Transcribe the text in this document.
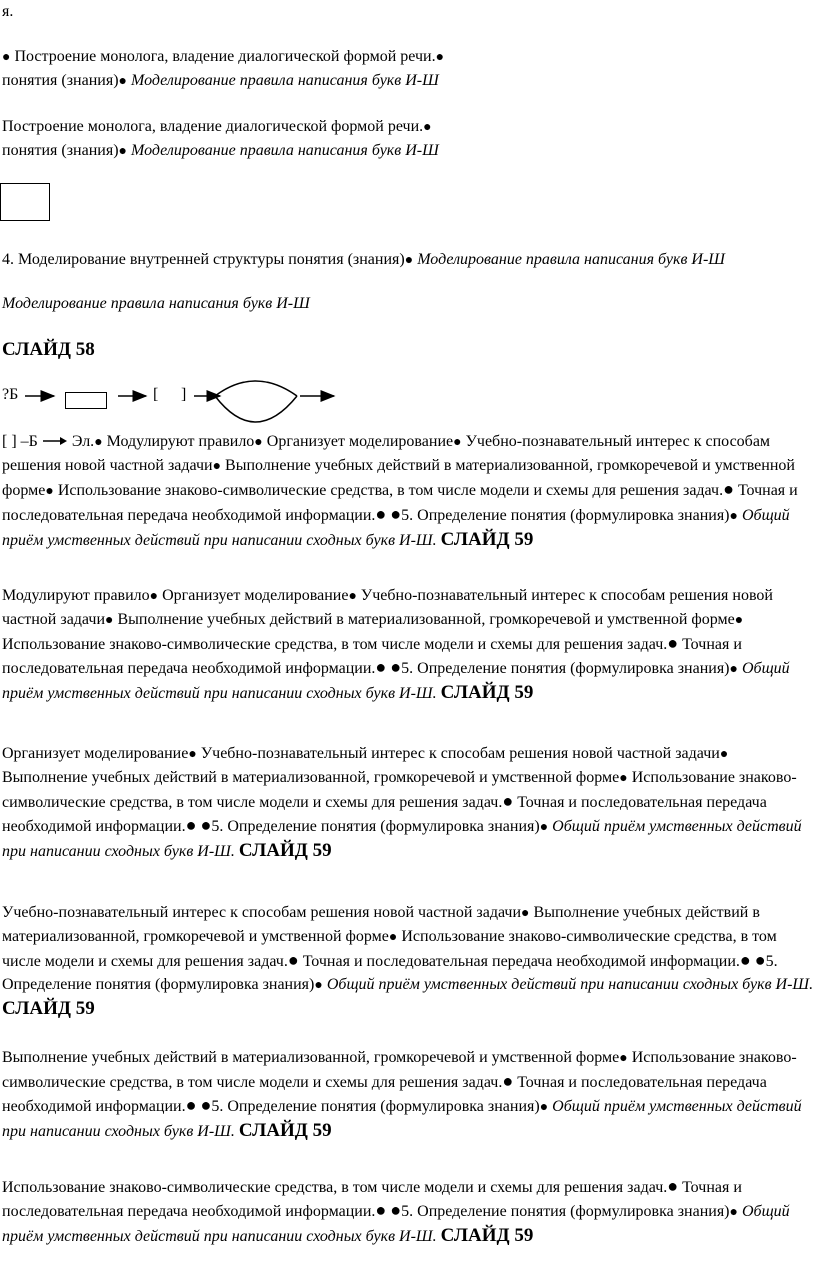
я.
● Построение монолога, владение диалогической формой речи.●
понятия (знания)● Моделирование правила написания букв И-Ш
Построение монолога, владение диалогической формой речи.●
понятия (знания)● Моделирование правила написания букв И-Ш
4. Моделирование внутренней структуры понятия (знания)● Моделирование правила написания букв И-Ш
Моделирование правила написания букв И-Ш
СЛАЙД 58
?Б	[ ]
[ ] –Б Эл.● Модулируют правило● Организует моделирование● Учебно-познавательный интерес к способам решения новой частной задачи● Выполнение учебных действий в материализованной, громкоречевой и умственной форме● Использование знаково-символические средства, в том числе модели и схемы для решения задач.● Точная и последовательная передача необходимой информации.● ●5. Определение понятия (формулировка знания)● Общий приём умственных действий при написании сходных букв И-Ш. СЛАЙД 59
Модулируют правило● Организует моделирование● Учебно-познавательный интерес к способам решения новой частной задачи● Выполнение учебных действий в материализованной, громкоречевой и умственной форме● Использование знаково-символические средства, в том числе модели и схемы для решения задач.● Точная и последовательная передача необходимой информации.● ●5. Определение понятия (формулировка знания)● Общий приём умственных действий при написании сходных букв И-Ш. СЛАЙД 59
Организует моделирование● Учебно-познавательный интерес к способам решения новой частной задачи● Выполнение учебных действий в материализованной, громкоречевой и умственной форме● Использование знаково-символические средства, в том числе модели и схемы для решения задач.● Точная и последовательная передача необходимой информации.● ●5. Определение понятия (формулировка знания)● Общий приём умственных действий при написании сходных букв И-Ш. СЛАЙД 59
Учебно-познавательный интерес к способам решения новой частной задачи● Выполнение учебных действий в материализованной, громкоречевой и умственной форме● Использование знаково-символические средства, в том числе модели и схемы для решения задач.● Точная и последовательная передача необходимой информации.● ●5. Определение понятия (формулировка знания)● Общий приём умственных действий при написании сходных букв И-Ш. СЛАЙД 59
Выполнение учебных действий в материализованной, громкоречевой и умственной форме● Использование знаково-символические средства, в том числе модели и схемы для решения задач.● Точная и последовательная передача необходимой информации.● ●5. Определение понятия (формулировка знания)● Общий приём умственных действий при написании сходных букв И-Ш. СЛАЙД 59
Использование знаково-символические средства, в том числе модели и схемы для решения задач.● Точная и последовательная передача необходимой информации.● ●5. Определение понятия (формулировка знания)● Общий приём умственных действий при написании сходных букв И-Ш. СЛАЙД 59
